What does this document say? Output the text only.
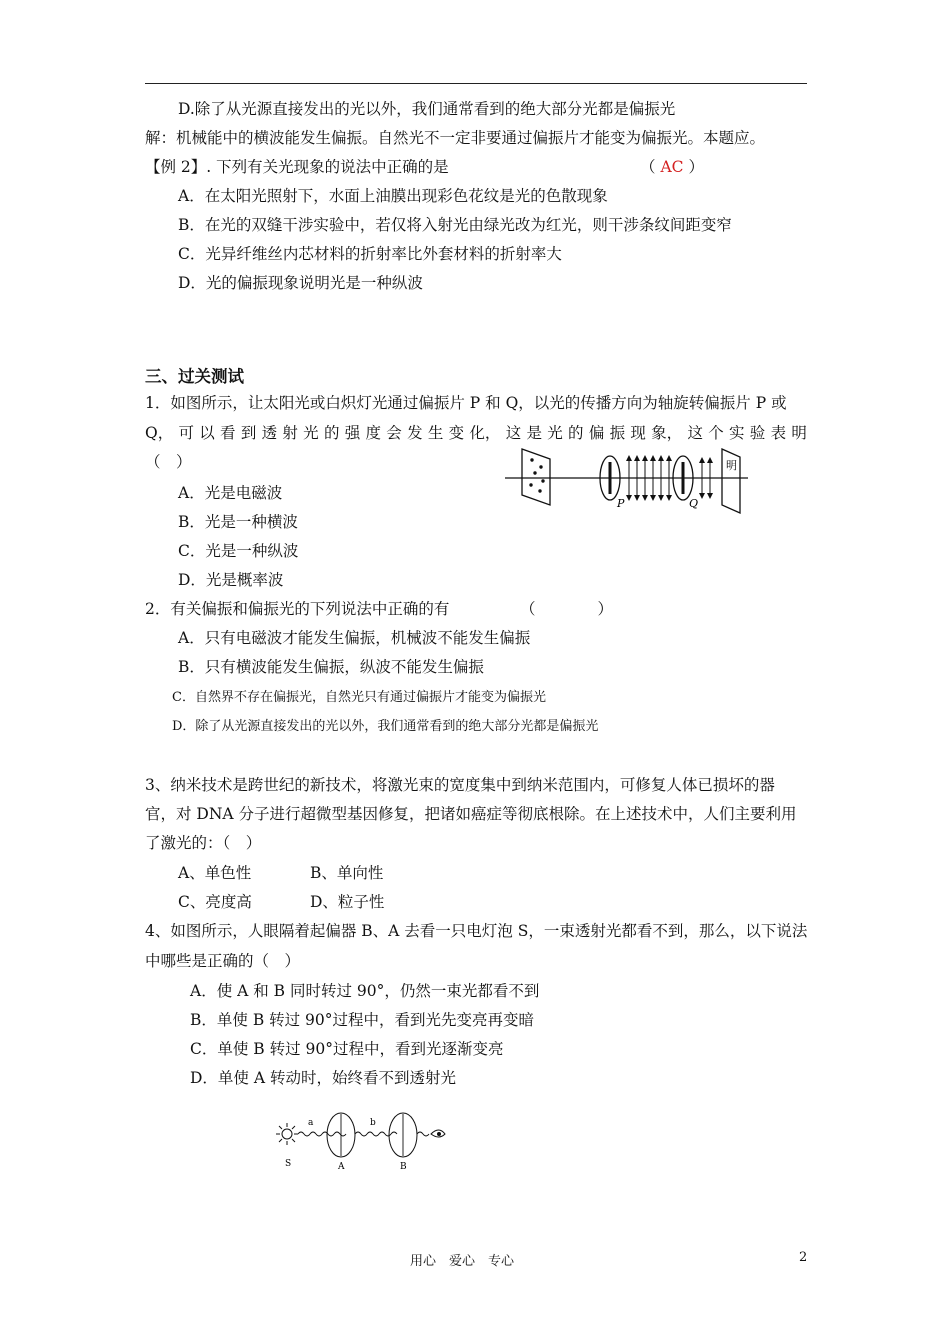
D.除了从光源直接发出的光以外，我们通常看到的绝大部分光都是偏振光
解：机械能中的横波能发生偏振。自然光不一定非要通过偏振片才能变为偏振光。本题应。
【例 2】. 下列有关光现象的说法中正确的是	（ AC ）
A．在太阳光照射下，水面上油膜出现彩色花纹是光的色散现象
B．在光的双缝干涉实验中，若仅将入射光由绿光改为红光，则干涉条纹间距变窄
C．光异纤维丝内芯材料的折射率比外套材料的折射率大
D．光的偏振现象说明光是一种纵波
三、过关测试
1．如图所示，让太阳光或白炽灯光通过偏振片 P 和 Q，以光的传播方向为轴旋转偏振片 P 或
Q， 可 以 看 到 透 射 光 的 强 度 会 发 生 变 化， 这 是 光 的 偏 振 现 象， 这 个 实 验 表 明
（　）
P	Q
明
A．光是电磁波
B．光是一种横波
C．光是一种纵波
D．光是概率波
2．有关偏振和偏振光的下列说法中正确的有	（　　　　）
A．只有电磁波才能发生偏振，机械波不能发生偏振
B．只有横波能发生偏振，纵波不能发生偏振
C．自然界不存在偏振光，自然光只有通过偏振片才能变为偏振光
D．除了从光源直接发出的光以外，我们通常看到的绝大部分光都是偏振光
3、纳米技术是跨世纪的新技术，将激光束的宽度集中到纳米范围内，可修复人体已损坏的器
官，对 DNA 分子进行超微型基因修复，把诸如癌症等彻底根除。在上述技术中，人们主要利用
了激光的：（　）
A、单色性	B、单向性
C、亮度高	D、粒子性
4、如图所示，人眼隔着起偏器 B、A 去看一只电灯泡 S，一束透射光都看不到，那么，以下说法
中哪些是正确的（　）
A．使 A 和 B 同时转过 90°，仍然一束光都看不到
B．单使 B 转过 90°过程中，看到光先变亮再变暗
C．单使 B 转过 90°过程中，看到光逐渐变亮
D．单使 A 转动时，始终看不到透射光
S
a
A
b
B
用心　爱心　专心	2
